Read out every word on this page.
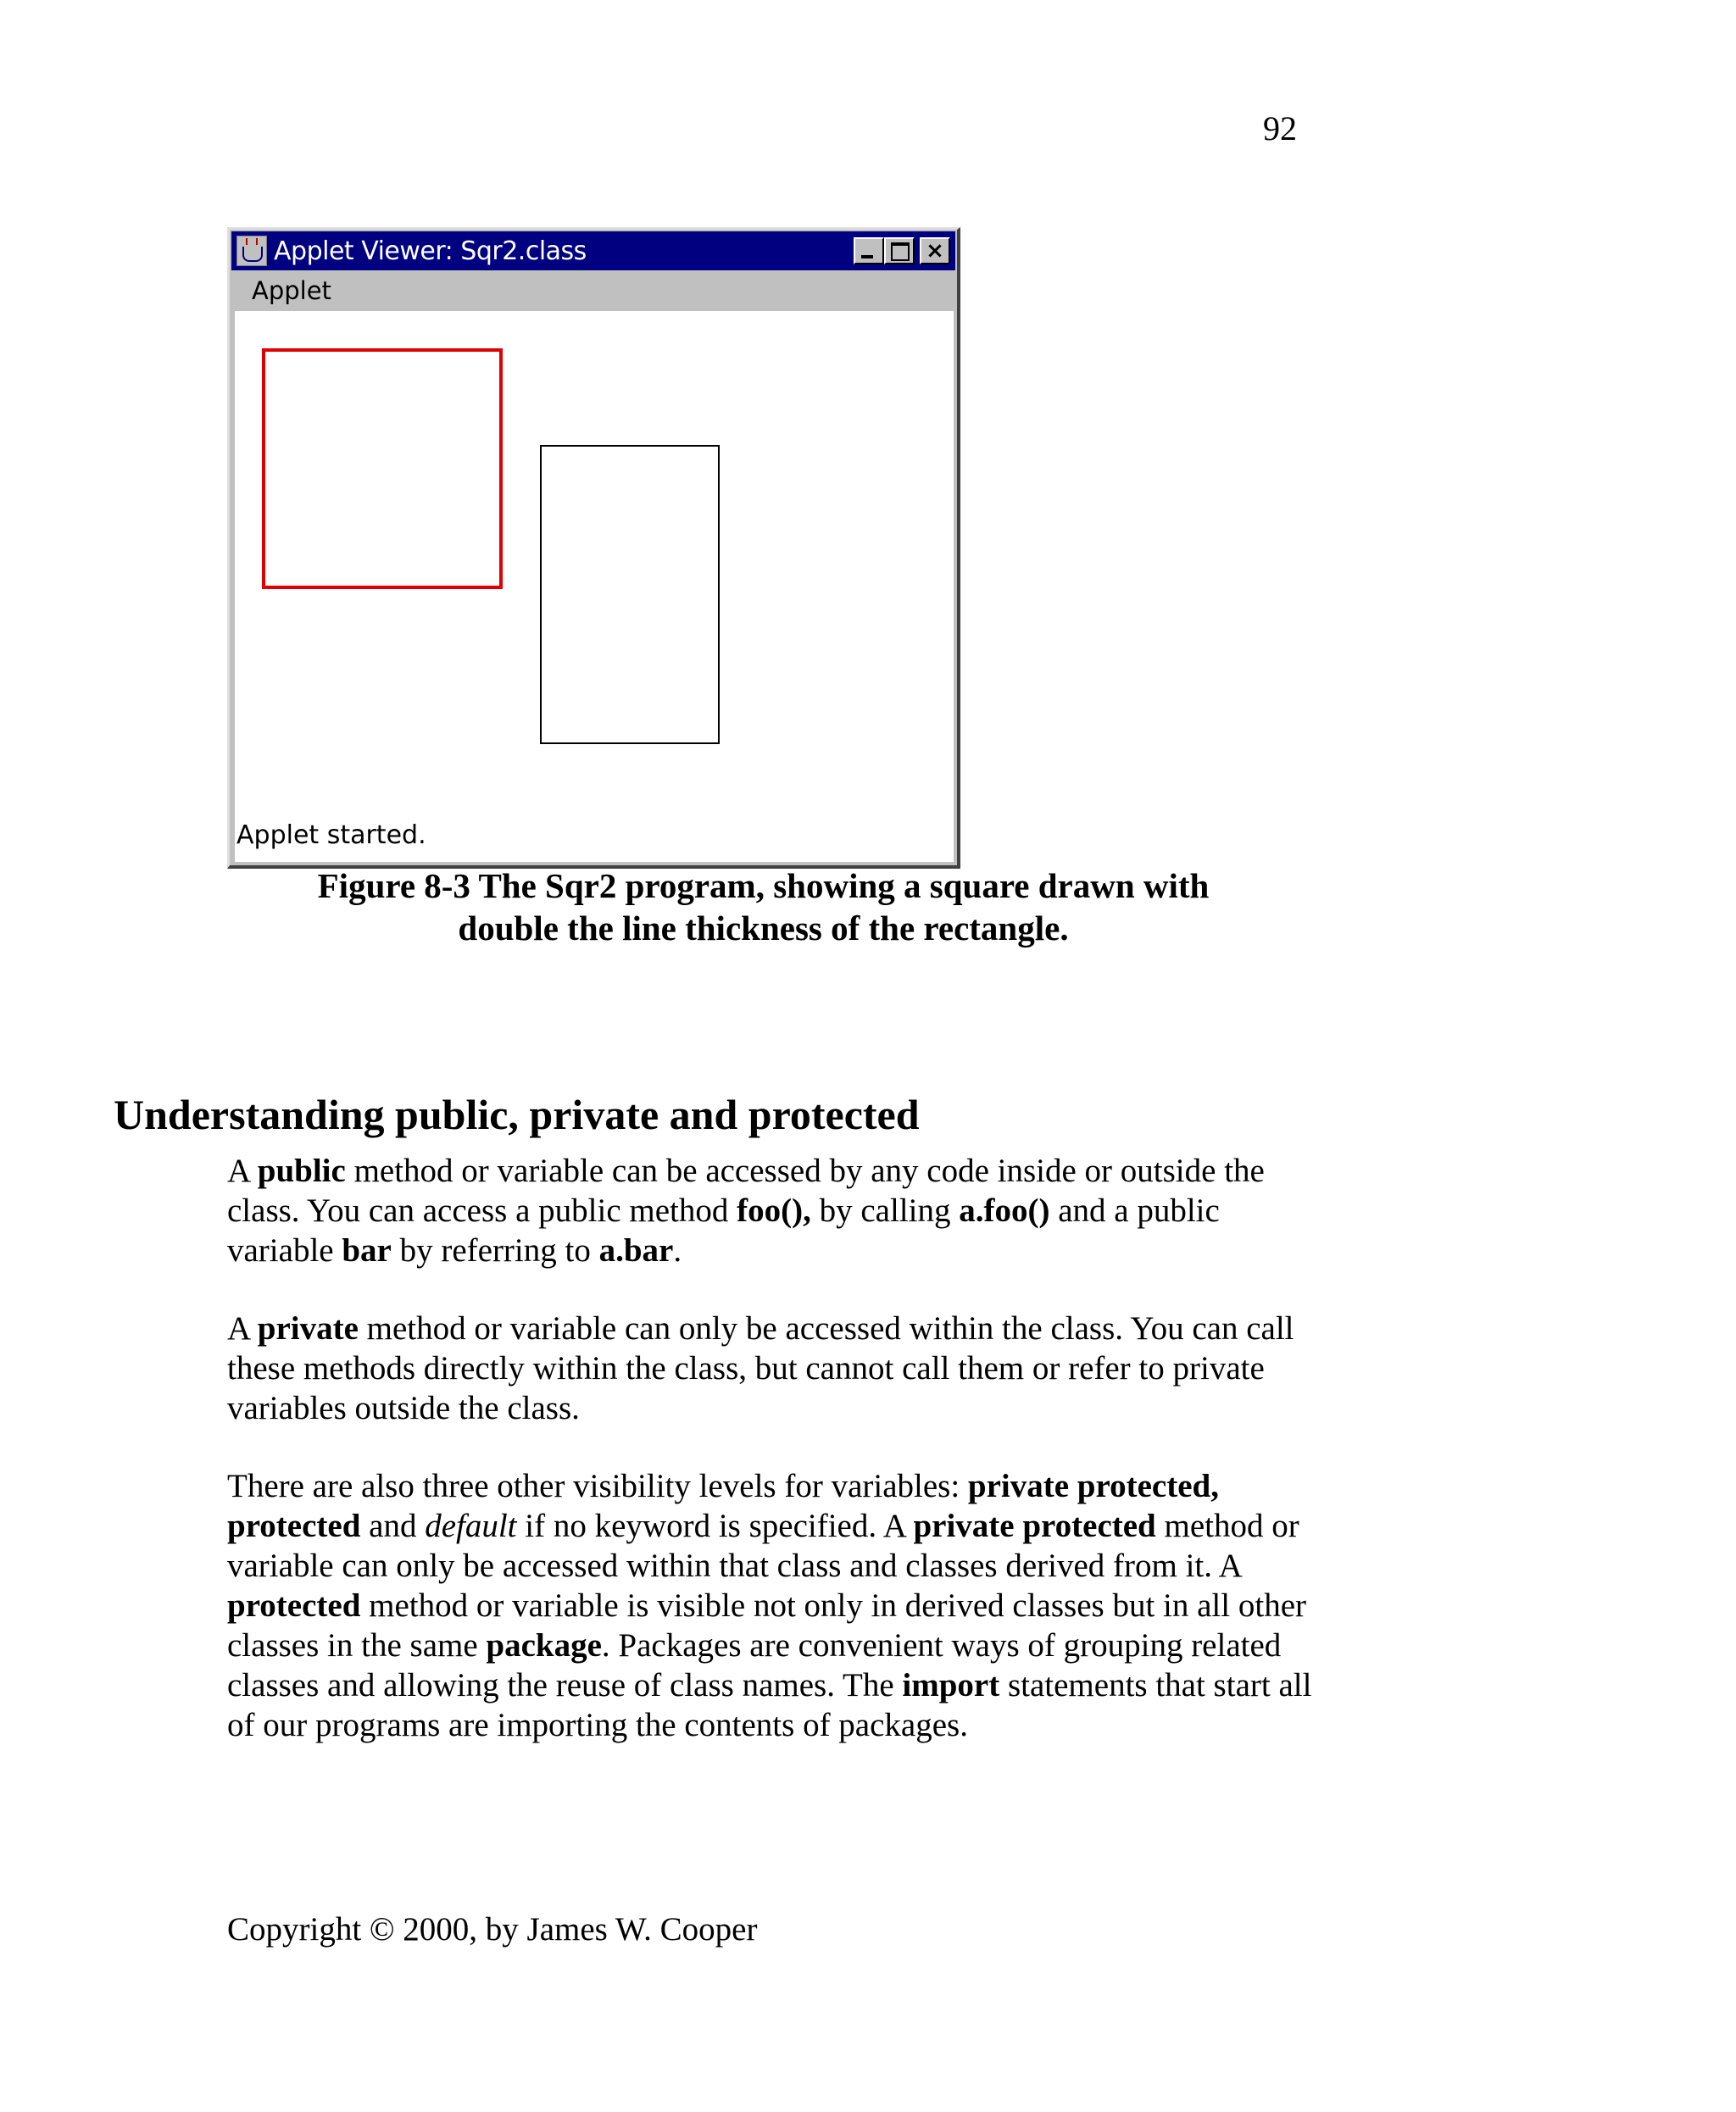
92
Applet Viewer: Sqr2.class	×
Applet
Applet started.
Figure 8-3 The Sqr2 program, showing a square drawn with
double the line thickness of the rectangle.
Understanding public, private and protected
A public method or variable can be accessed by any code inside or outside the class. You can access a public method foo(), by calling a.foo() and a public variable bar by referring to a.bar.
A private method or variable can only be accessed within the class. You can call these methods directly within the class, but cannot call them or refer to private variables outside the class.
There are also three other visibility levels for variables: private protected, protected and default if no keyword is specified. A private protected method or variable can only be accessed within that class and classes derived from it. A protected method or variable is visible not only in derived classes but in all other classes in the same package. Packages are convenient ways of grouping related classes and allowing the reuse of class names. The import statements that start all of our programs are importing the contents of packages.
Copyright © 2000, by James W. Cooper
